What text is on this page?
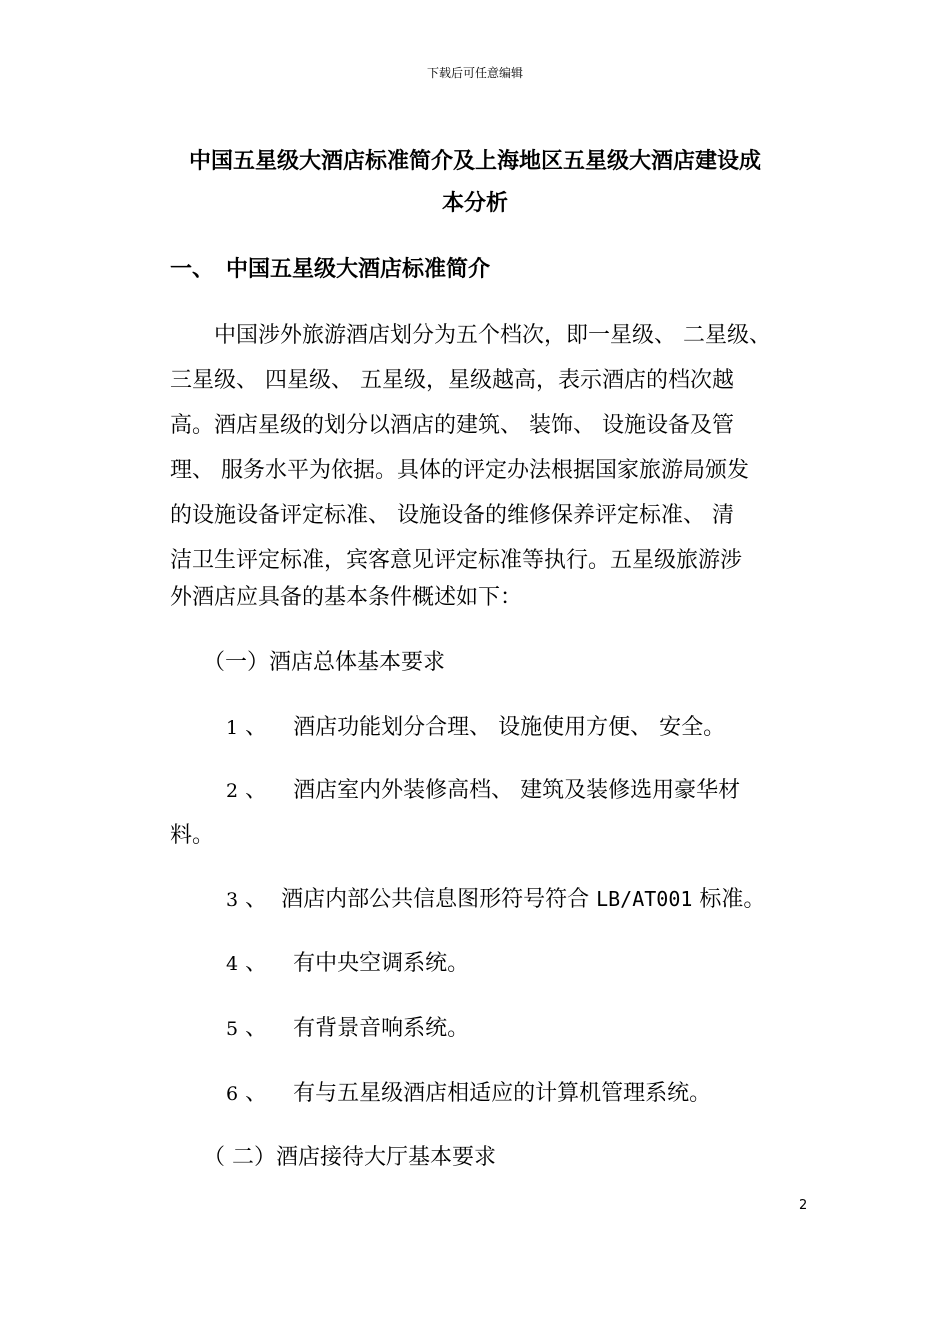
下载后可任意编辑
中国五星级大酒店标准简介及上海地区五星级大酒店建设成
本分析
一、 中国五星级大酒店标准简介
中国涉外旅游酒店划分为五个档次，即一星级、 二星级、
三星级、 四星级、 五星级，星级越高，表示酒店的档次越
高。酒店星级的划分以酒店的建筑、 装饰、 设施设备及管
理、 服务水平为依据。具体的评定办法根据国家旅游局颁发
的设施设备评定标准、 设施设备的维修保养评定标准、 清
洁卫生评定标准，宾客意见评定标准等执行。五星级旅游涉
外酒店应具备的基本条件概述如下：
（一）酒店总体基本要求
1 、 酒店功能划分合理、 设施使用方便、 安全。
2 、 酒店室内外装修高档、 建筑及装修选用豪华材
料。
3 、 酒店内部公共信息图形符号符合 LB/AT001 标准。
4 、 有中央空调系统。
5 、 有背景音响系统。
6 、 有与五星级酒店相适应的计算机管理系统。
（ 二）酒店接待大厅基本要求
2
